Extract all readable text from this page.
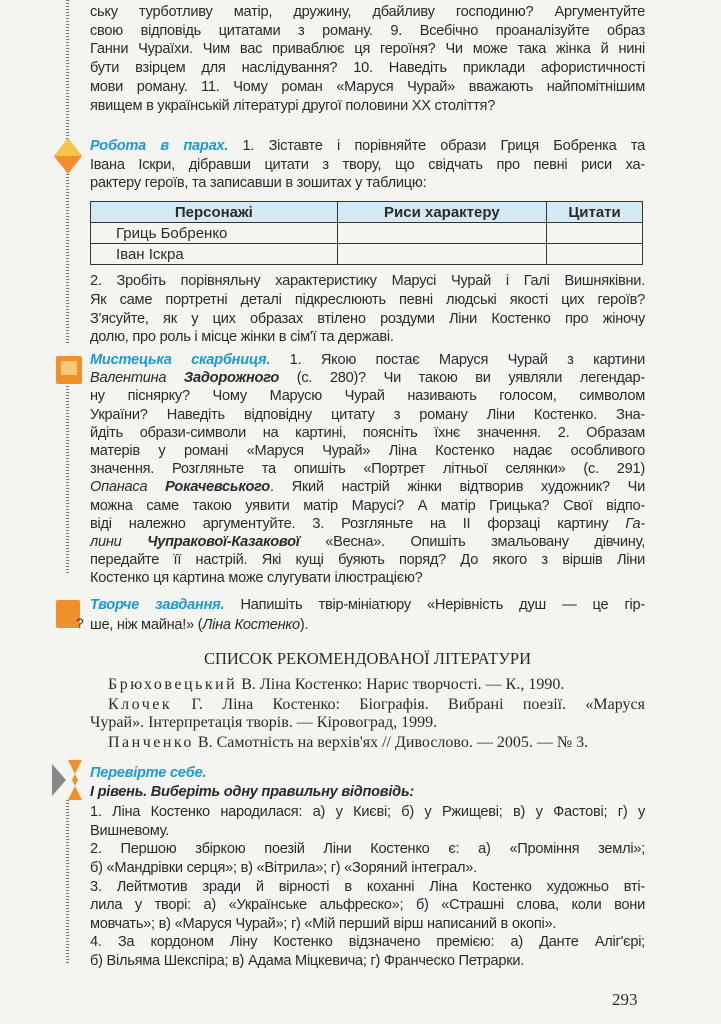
?
ську турботливу матір, дружину, дбайливу господиню? Аргументуйте
свою відповідь цитатами з роману. 9. Всебічно проаналізуйте образ
Ганни Чураїхи. Чим вас приваблює ця героїня? Чи може така жінка й нині
бути взірцем для наслідування? 10. Наведіть приклади афористичності
мови роману. 11. Чому роман «Маруся Чурай» вважають найпомітнішим
явищем в українській літературі другої половини XX століття?
Робота в парах. 1. Зіставте і порівняйте образи Гриця Бобренка та
Івана Іскри, дібравши цитати з твору, що свідчать про певні риси ха-
рактеру героїв, та записавши в зошитах у таблицю:
Персонажі	Риси характеру	Цитати
Гриць Бобренко		
Іван Іскра		
2. Зробіть порівняльну характеристику Марусі Чурай і Галі Вишняківни.
Як саме портретні деталі підкреслюють певні людські якості цих героїв?
З'ясуйте, як у цих образах втілено роздуми Ліни Костенко про жіночу
долю, про роль і місце жінки в сім'ї та державі.
Мистецька скарбниця. 1. Якою постає Маруся Чурай з картини
Валентина Задорожного (с. 280)? Чи такою ви уявляли легендар-
ну піснярку? Чому Марусю Чурай називають голосом, символом
України? Наведіть відповідну цитату з роману Ліни Костенко. Зна-
йдіть образи-символи на картині, поясніть їхнє значення. 2. Образам
матерів у романі «Маруся Чурай» Ліна Костенко надає особливого
значення. Розгляньте та опишіть «Портрет літньої селянки» (с. 291)
Опанаса Рокачевського. Який настрій жінки відтворив художник? Чи
можна саме такою уявити матір Марусі? А матір Грицька? Свої відпо-
віді належно аргументуйте. 3. Розгляньте на II форзаці картину Га-
лини Чупракової-Казакової «Весна». Опишіть змальовану дівчину,
передайте її настрій. Які кущі буяють поряд? До якого з віршів Ліни
Костенко ця картина може слугувати ілюстрацією?
Творче завдання. Напишіть твір-мініатюру «Нерівність душ — це гір-
ше, ніж майна!» (Ліна Костенко).
СПИСОК РЕКОМЕНДОВАНОЇ ЛІТЕРАТУРИ
Брюховецький В. Ліна Костенко: Нарис творчості. — К., 1990.
Клочек Г. Ліна Костенко: Біографія. Вибрані поезії. «Маруся
Чурай». Інтерпретація творів. — Кіровоград, 1999.
Панченко В. Самотність на верхів'ях // Дивослово. — 2005. — № 3.
Перевірте себе.
І рівень. Виберіть одну правильну відповідь:
1. Ліна Костенко народилася: а) у Києві; б) у Ржищеві; в) у Фастові; г) у
Вишневому.
2. Першою збіркою поезій Ліни Костенко є: а) «Проміння землі»;
б) «Мандрівки серця»; в) «Вітрила»; г) «Зоряний інтеграл».
3. Лейтмотив зради й вірності в коханні Ліна Костенко художньо вті-
лила у творі: а) «Українське альфреско»; б) «Страшні слова, коли вони
мовчать»; в) «Маруся Чурай»; г) «Мій перший вірш написаний в окопі».
4. За кордоном Ліну Костенко відзначено премією: а) Данте Аліг'єрі;
б) Вільяма Шекспіра; в) Адама Міцкевича; г) Франческо Петрарки.
293
